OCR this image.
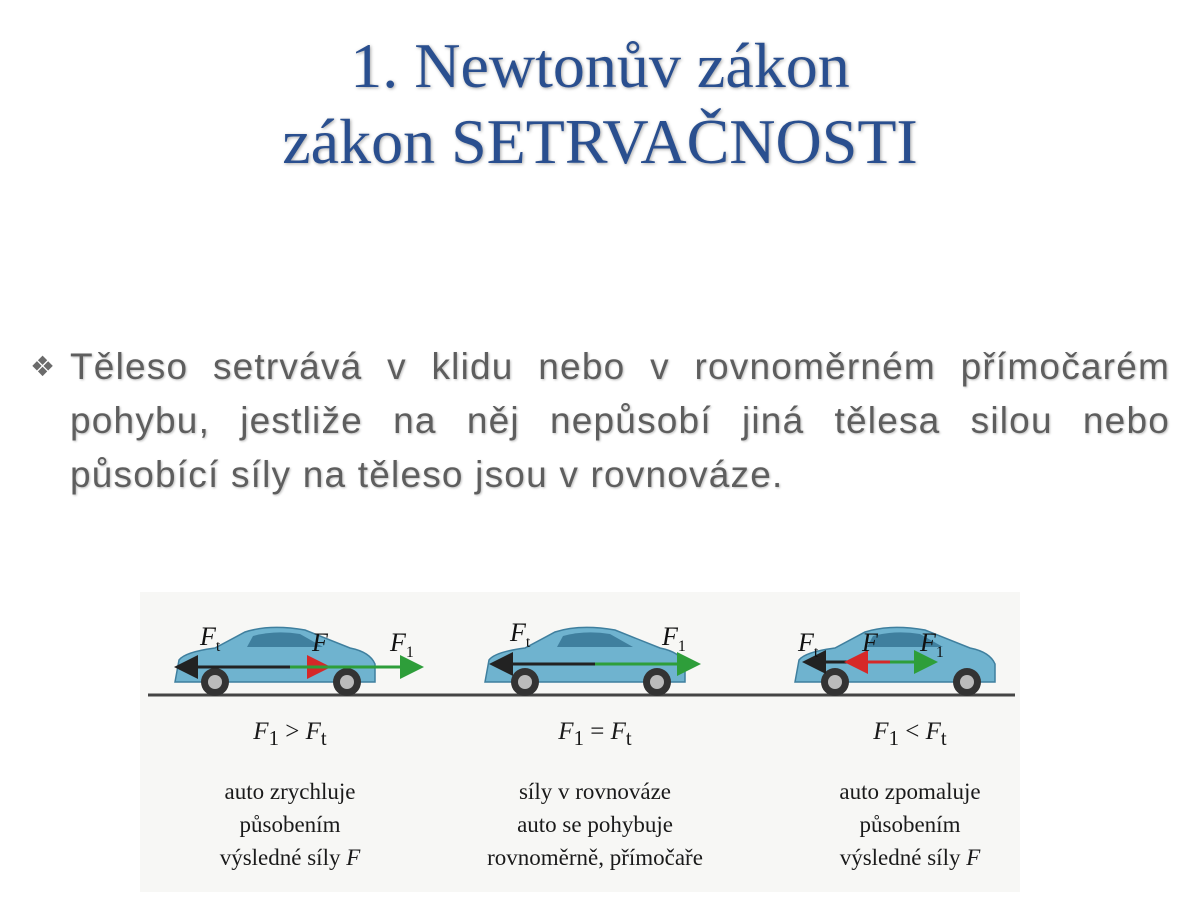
1. Newtonův zákon
zákon SETRVAČNOSTI
❖ Těleso setrvává v klidu nebo v rovnoměrném přímočarém pohybu, jestliže na něj nepůsobí jiná tělesa silou nebo působící síly na těleso jsou v rovnováze.
$F_t$	F $F_1$
$F_t$	$F_1$	$F_t$ F $F_1$
$F_1 > F_t$
auto zrychluje
působením
výsledné síly F
$F_1 = F_t$
síly v rovnováze
auto se pohybuje
rovnoměrně, přímočaře
$F_1 < F_t$
auto zpomaluje
působením
výsledné síly F
